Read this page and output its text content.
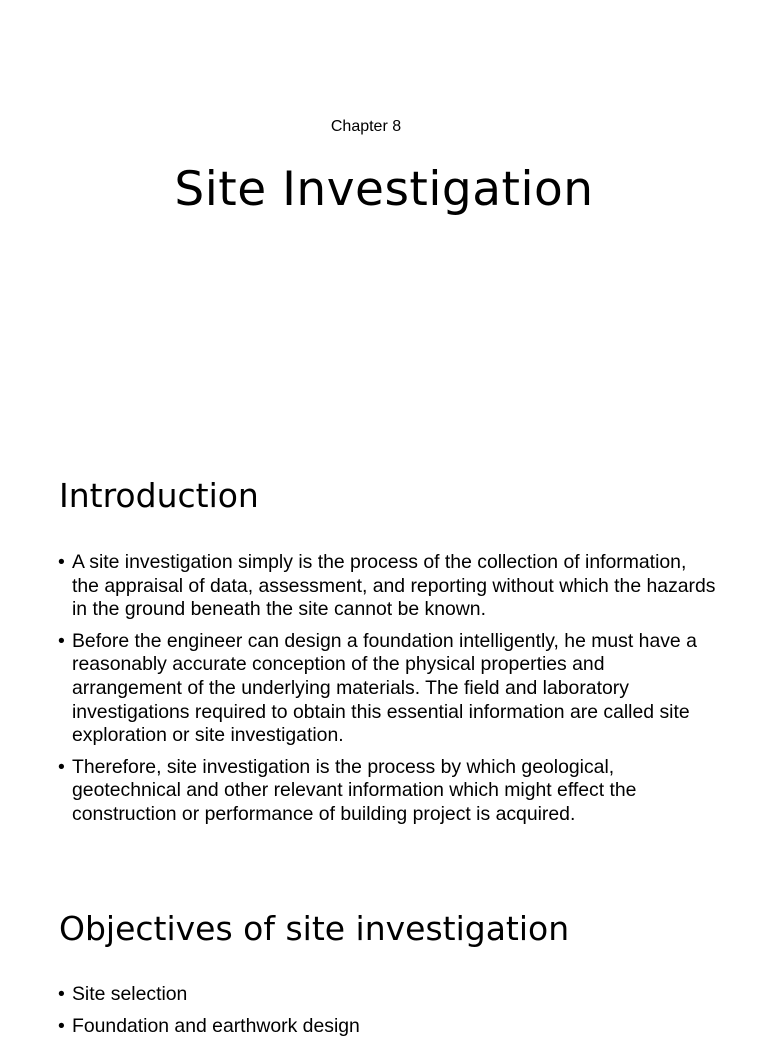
Chapter 8
Site Investigation
Introduction
• A site investigation simply is the process of the collection of information, the appraisal of data, assessment, and reporting without which the hazards in the ground beneath the site cannot be known.
• Before the engineer can design a foundation intelligently, he must have a reasonably accurate conception of the physical properties and arrangement of the underlying materials. The field and laboratory investigations required to obtain this essential information are called site exploration or site investigation.
• Therefore, site investigation is the process by which geological, geotechnical and other relevant information which might effect the construction or performance of building project is acquired.
Objectives of site investigation
• Site selection
• Foundation and earthwork design
